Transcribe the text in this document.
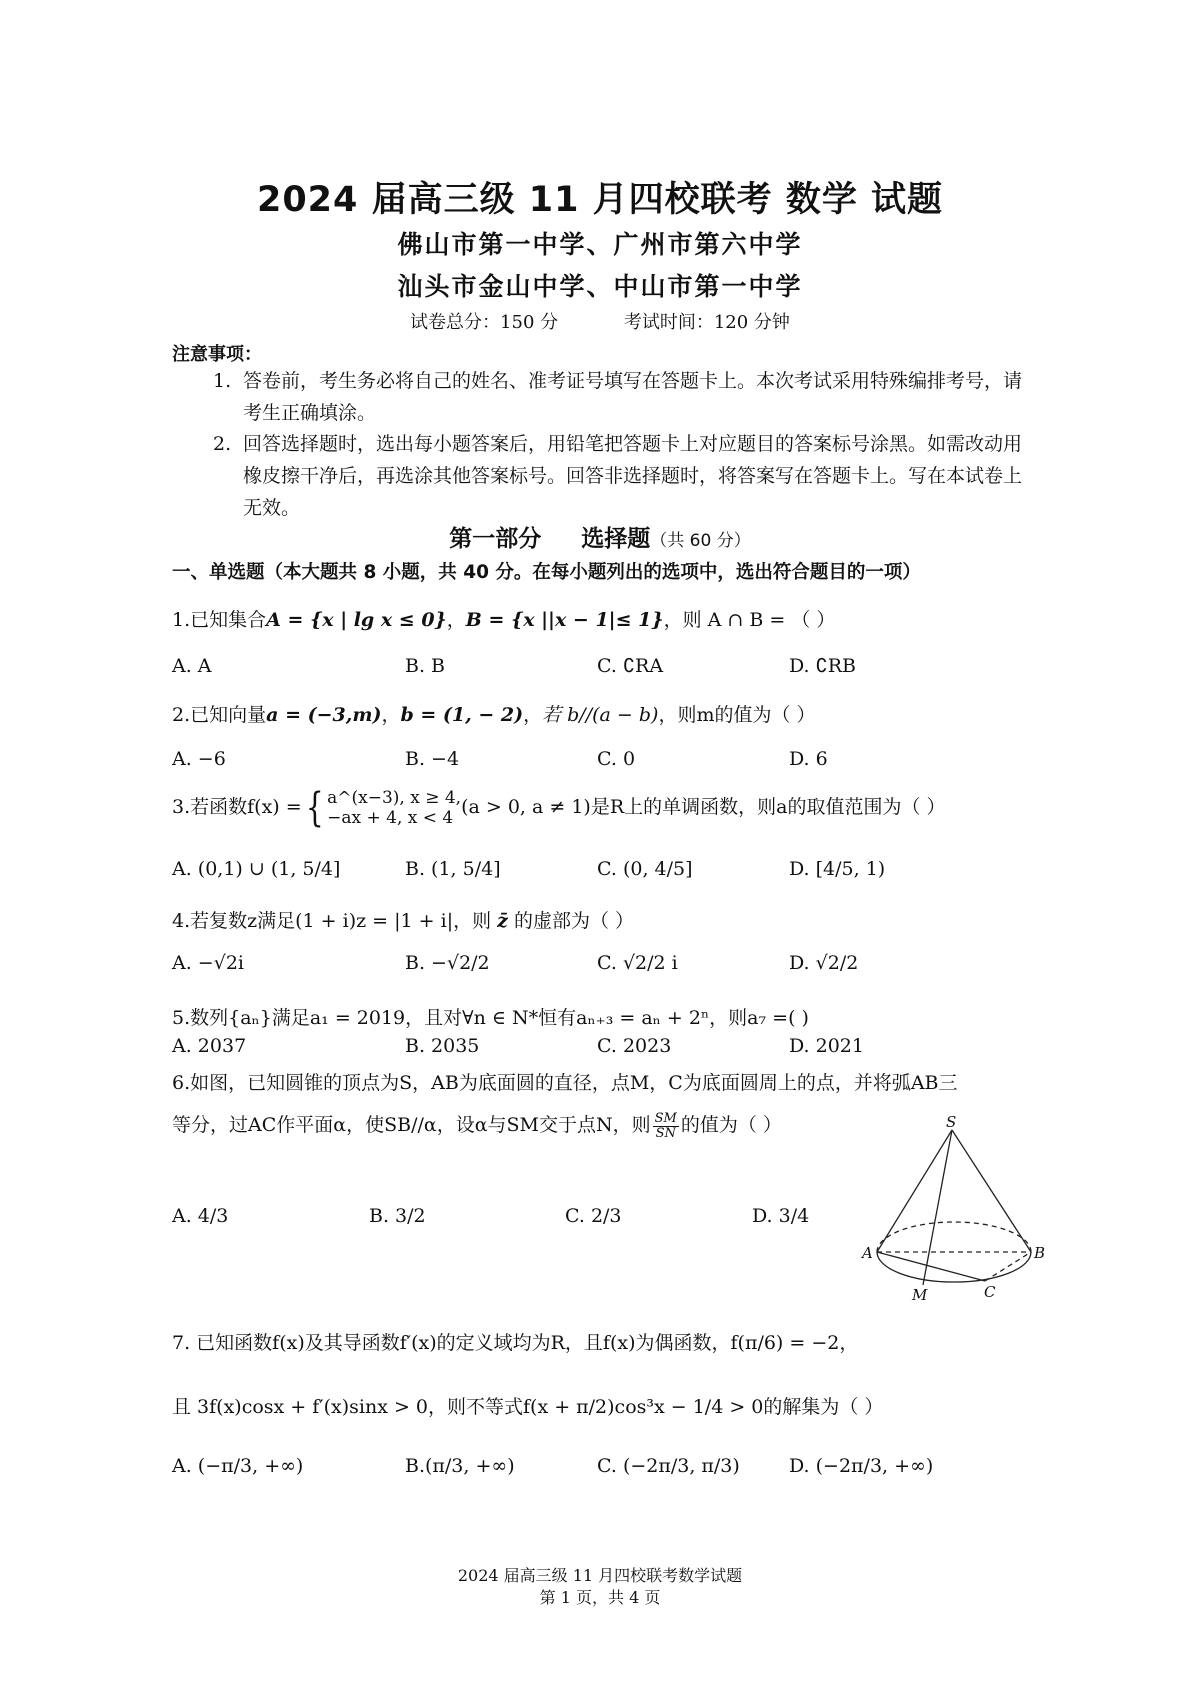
2024 届高三级 11 月四校联考 数学 试题
佛山市第一中学、广州市第六中学
汕头市金山中学、中山市第一中学
试卷总分：150 分	考试时间：120 分钟
注意事项：
1. 答卷前，考生务必将自己的姓名、准考证号填写在答题卡上。本次考试采用特殊编排考号，请考生正确填涂。
2. 回答选择题时，选出每小题答案后，用铅笔把答题卡上对应题目的答案标号涂黑。如需改动用橡皮擦干净后，再选涂其他答案标号。回答非选择题时，将答案写在答题卡上。写在本试卷上无效。
第一部分 选择题（共 60 分）
一、单选题（本大题共 8 小题，共 40 分。在每小题列出的选项中，选出符合题目的一项）
1.已知集合A = {x | lg x ≤ 0}，B = {x ||x − 1|≤ 1}，则 A ∩ B = （ ）
A. A	B. B	C. ∁RA	D. ∁RB
2.已知向量a = (−3,m)，b = (1, − 2)，若 b//(a − b)，则m的值为（ ）
A. −6	B. −4	C. 0	D. 6
3.若函数f(x) ={ a^(x−3), x ≥ 4,
−ax + 4, x < 4 (a > 0, a ≠ 1)是R上的单调函数，则a的取值范围为（ ）
A. (0,1) ∪ (1, 5/4]	B. (1, 5/4]	C. (0, 4/5]	D. [4/5, 1)
4.若复数z满足(1 + i)z = |1 + i|，则 z̄ 的虚部为（ ）
A. −√2i	B. −√2/2	C. √2/2 i	D. √2/2
5.数列{aₙ}满足a₁ = 2019，且对∀n ∈ N*恒有aₙ₊₃ = aₙ + 2ⁿ，则a₇ =( )
A. 2037	B. 2035	C. 2023	D. 2021
6.如图，已知圆锥的顶点为S，AB为底面圆的直径，点M，C为底面圆周上的点，并将弧AB三
等分，过AC作平面α，使SB//α，设α与SM交于点N，则 $\frac{SM}{SN}$ 的值为（ ）
A. 4/3	B. 3/2	C. 2/3	D. 3/4
S
A	B
M	C
7. 已知函数f(x)及其导函数f′(x)的定义域均为R，且f(x)为偶函数，f(π/6) = −2，
且 3f(x)cosx + f′(x)sinx > 0，则不等式f(x + π/2)cos³x − 1/4 > 0的解集为（ ）
A. (−π/3, +∞)	B.(π/3, +∞)	C. (−2π/3, π/3)	D. (−2π/3, +∞)
2024 届高三级 11 月四校联考数学试题
第 1 页，共 4 页
